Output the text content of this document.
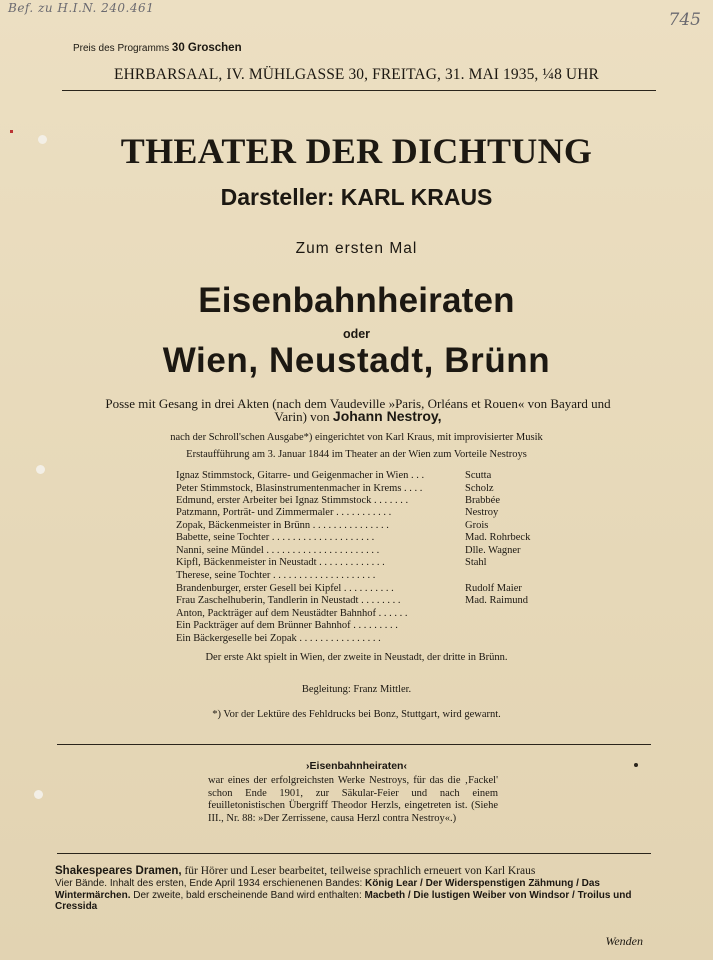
Bef. zu H.I.N. 240.461
745
Preis des Programms 30 Groschen
EHRBARSAAL, IV. MÜHLGASSE 30, FREITAG, 31. MAI 1935, ¼8 UHR
THEATER DER DICHTUNG
Darsteller: KARL KRAUS
Zum ersten Mal
Eisenbahnheiraten
oder
Wien, Neustadt, Brünn
Posse mit Gesang in drei Akten (nach dem Vaudeville »Paris, Orléans et Rouen« von Bayard und Varin) von Johann Nestroy,
nach der Schroll'schen Ausgabe*) eingerichtet von Karl Kraus, mit improvisierter Musik
Erstaufführung am 3. Januar 1844 im Theater an der Wien zum Vorteile Nestroys
Ignaz Stimmstock, Gitarre- und Geigenmacher in Wien . . .	Scutta
Peter Stimmstock, Blasinstrumentenmacher in Krems . . . .	Scholz
Edmund, erster Arbeiter bei Ignaz Stimmstock . . . . . . .	Brabbée
Patzmann, Porträt- und Zimmermaler . . . . . . . . . . .	Nestroy
Zopak, Bäckenmeister in Brünn . . . . . . . . . . . . . . .	Grois
Babette, seine Tochter . . . . . . . . . . . . . . . . . . . .	Mad. Rohrbeck
Nanni, seine Mündel . . . . . . . . . . . . . . . . . . . . . .	Dlle. Wagner
Kipfl, Bäckenmeister in Neustadt . . . . . . . . . . . . .	Stahl
Therese, seine Tochter . . . . . . . . . . . . . . . . . . . .
Brandenburger, erster Gesell bei Kipfel . . . . . . . . . .	Rudolf Maier
Frau Zaschelhuberin, Tandlerin in Neustadt . . . . . . . .	Mad. Raimund
Anton, Packträger auf dem Neustädter Bahnhof . . . . . .
Ein Packträger auf dem Brünner Bahnhof . . . . . . . . .
Ein Bäckergeselle bei Zopak . . . . . . . . . . . . . . . .
Der erste Akt spielt in Wien, der zweite in Neustadt, der dritte in Brünn.
Begleitung: Franz Mittler.
*) Vor der Lektüre des Fehldrucks bei Bonz, Stuttgart, wird gewarnt.
›Eisenbahnheiraten‹
war eines der erfolgreichsten Werke Nestroys, für das die ‚Fackel' schon Ende 1901, zur Säkular-Feier und nach einem feuilletonistischen Übergriff Theodor Herzls, eingetreten ist. (Siehe III., Nr. 88: »Der Zerrissene, causa Herzl contra Nestroy«.)
Shakespeares Dramen, für Hörer und Leser bearbeitet, teilweise sprachlich erneuert von Karl Kraus
Vier Bände. Inhalt des ersten, Ende April 1934 erschienenen Bandes: König Lear / Der Widerspenstigen Zähmung / Das Wintermärchen. Der zweite, bald erscheinende Band wird enthalten: Macbeth / Die lustigen Weiber von Windsor / Troilus und Cressida
Wenden
